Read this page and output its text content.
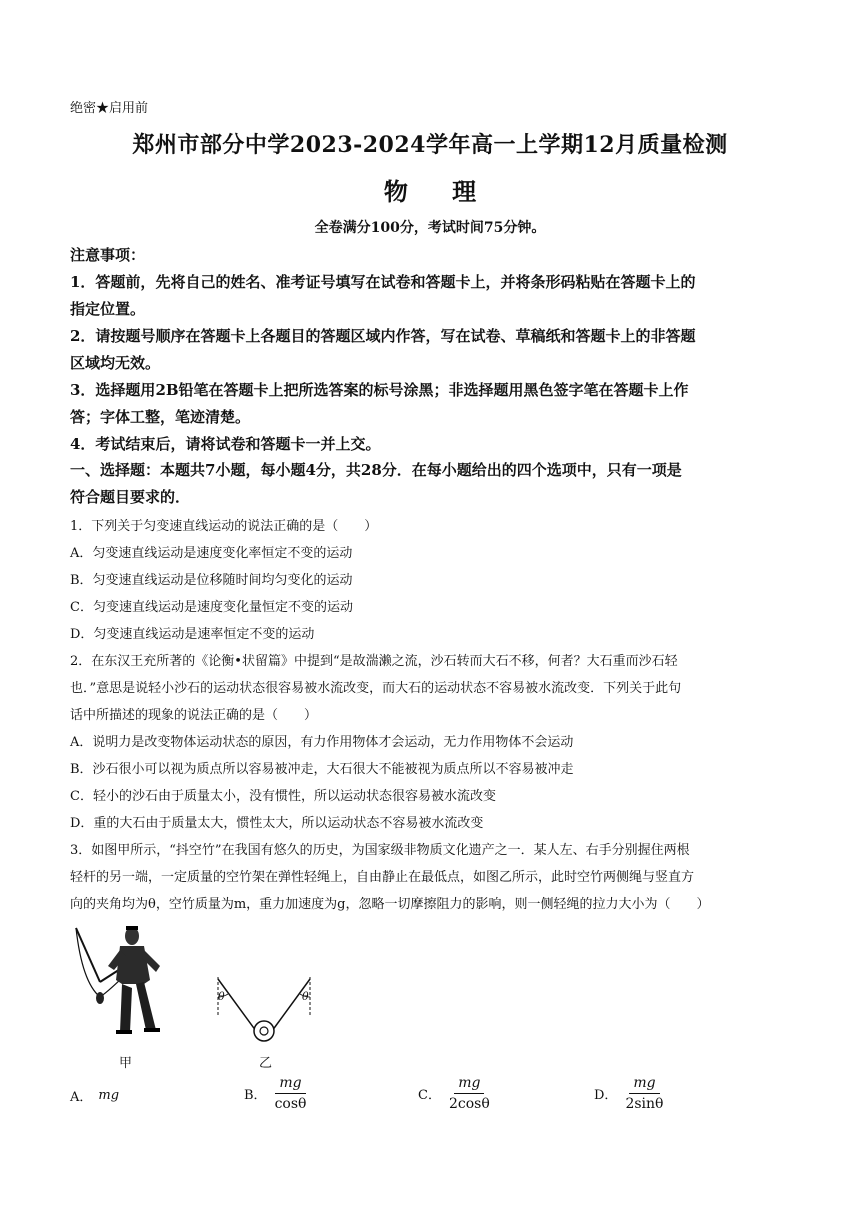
绝密★启用前
郑州市部分中学2023-2024学年高一上学期12月质量检测
物 理
全卷满分100分，考试时间75分钟。
注意事项：
1．答题前，先将自己的姓名、准考证号填写在试卷和答题卡上，并将条形码粘贴在答题卡上的
指定位置。
2．请按题号顺序在答题卡上各题目的答题区域内作答，写在试卷、草稿纸和答题卡上的非答题
区域均无效。
3．选择题用2B铅笔在答题卡上把所选答案的标号涂黑；非选择题用黑色签字笔在答题卡上作
答；字体工整，笔迹清楚。
4．考试结束后，请将试卷和答题卡一并上交。
一、选择题：本题共7小题，每小题4分，共28分．在每小题给出的四个选项中，只有一项是
符合题目要求的．
1．下列关于匀变速直线运动的说法正确的是（　　）
A．匀变速直线运动是速度变化率恒定不变的运动
B．匀变速直线运动是位移随时间均匀变化的运动
C．匀变速直线运动是速度变化量恒定不变的运动
D．匀变速直线运动是速率恒定不变的运动
2．在东汉王充所著的《论衡•状留篇》中提到“是故湍濑之流，沙石转而大石不移，何者？大石重而沙石轻
也．”意思是说轻小沙石的运动状态很容易被水流改变，而大石的运动状态不容易被水流改变．下列关于此句
话中所描述的现象的说法正确的是（　　）
A．说明力是改变物体运动状态的原因，有力作用物体才会运动，无力作用物体不会运动
B．沙石很小可以视为质点所以容易被冲走，大石很大不能被视为质点所以不容易被冲走
C．轻小的沙石由于质量太小，没有惯性，所以运动状态很容易被水流改变
D．重的大石由于质量太大，惯性太大，所以运动状态不容易被水流改变
3．如图甲所示，“抖空竹”在我国有悠久的历史，为国家级非物质文化遗产之一．某人左、右手分别握住两根
轻杆的另一端，一定质量的空竹架在弹性轻绳上，自由静止在最低点，如图乙所示，此时空竹两侧绳与竖直方
向的夹角均为θ，空竹质量为m，重力加速度为g，忽略一切摩擦阻力的影响，则一侧轻绳的拉力大小为（　　）
甲
θ	θ
乙
A． mg	B． $\frac{mg}{\cos\theta}$	C． $\frac{mg}{2\cos\theta}$	D． $\frac{mg}{2\sin\theta}$
